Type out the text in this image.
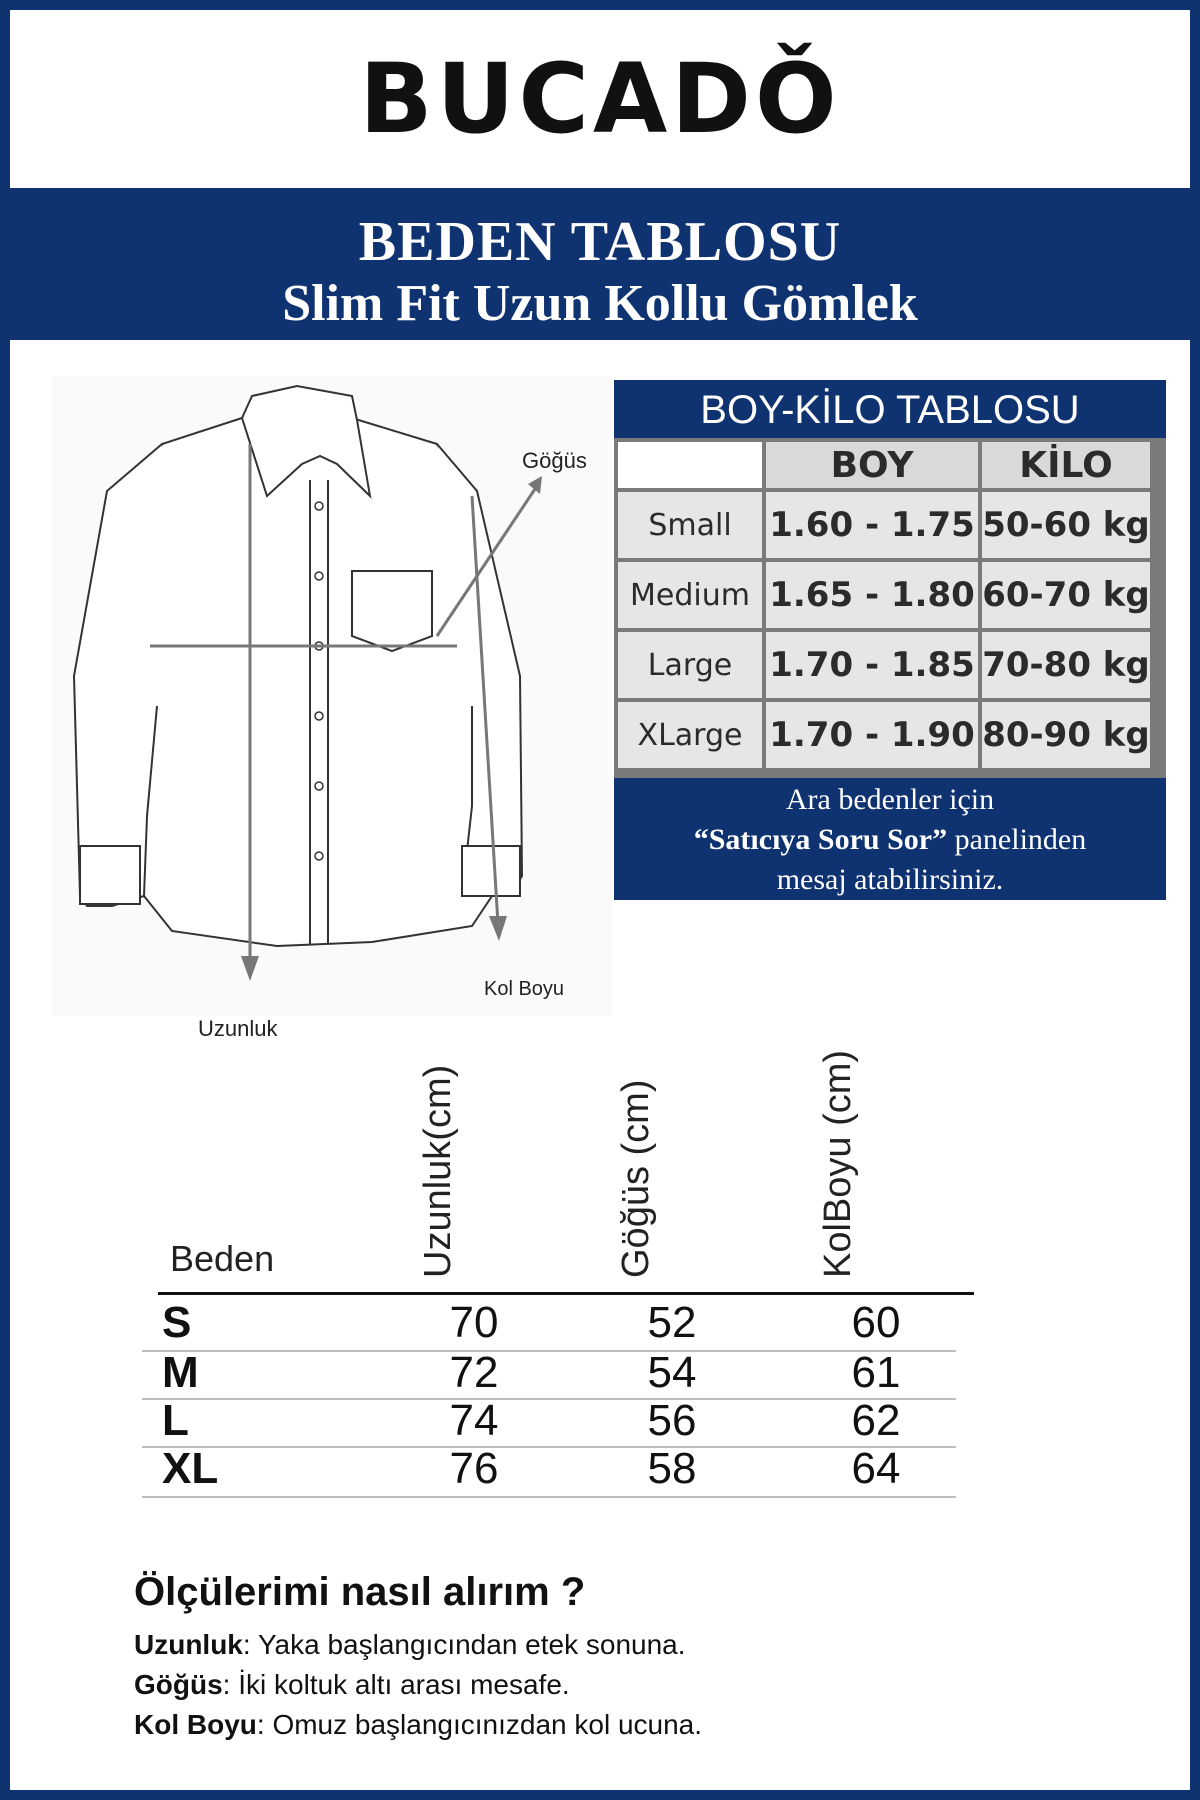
BUCADǑ
BEDEN TABLOSU
Slim Fit Uzun Kollu Gömlek
Göğüs
Kol Boyu
Uzunluk
BOY-KİLO TABLOSU
BOY	KİLO
Small	1.60 - 1.75 50-60 kg
Medium 1.65 - 1.80 60-70 kg
Large	1.70 - 1.85 70-80 kg
XLarge 1.70 - 1.90 80-90 kg
Ara bedenler için
“Satıcıya Soru Sor” panelinden
mesaj atabilirsiniz.
Uzunluk(cm)	Göğüs (cm)	KolBoyu (cm)
Beden
S	70	52	60
M	72	54	61
L	74	56	62
XL	76	58	64
Ölçülerimi nasıl alırım ?

Uzunluk: Yaka başlangıcından etek sonuna.

Göğüs: İki koltuk altı arası mesafe.

Kol Boyu: Omuz başlangıcınızdan kol ucuna.
